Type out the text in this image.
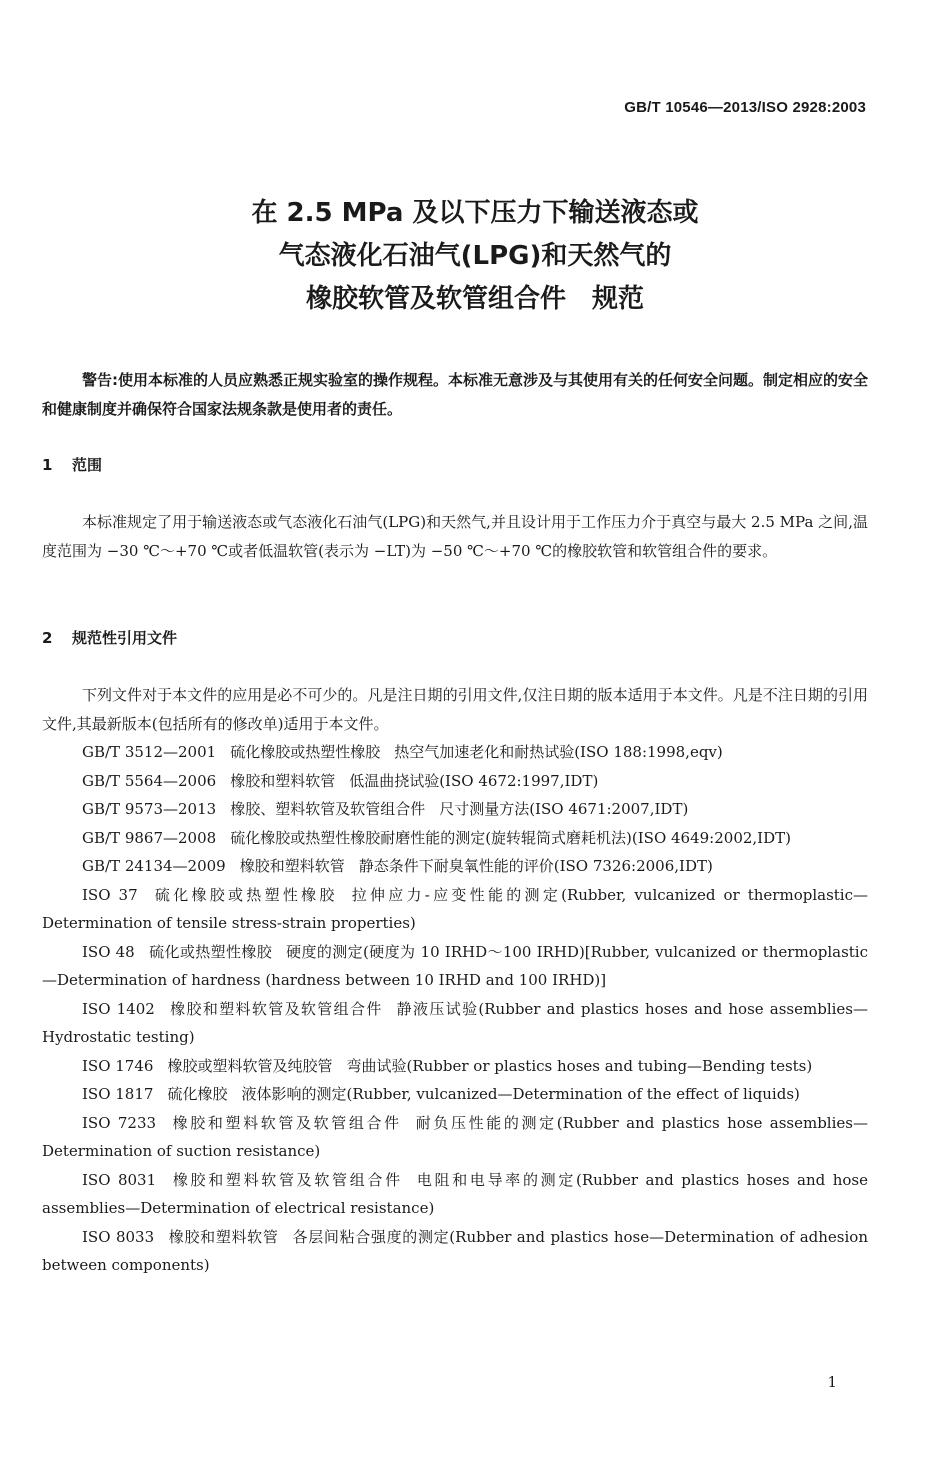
GB/T 10546—2013/ISO 2928:2003
在 2.5 MPa 及以下压力下输送液态或
气态液化石油气(LPG)和天然气的
橡胶软管及软管组合件　规范
警告:使用本标准的人员应熟悉正规实验室的操作规程。本标准无意涉及与其使用有关的任何安全问题。制定相应的安全和健康制度并确保符合国家法规条款是使用者的责任。
1 范围
本标准规定了用于输送液态或气态液化石油气(LPG)和天然气,并且设计用于工作压力介于真空与最大 2.5 MPa 之间,温度范围为 −30 ℃～+70 ℃或者低温软管(表示为 −LT)为 −50 ℃～+70 ℃的橡胶软管和软管组合件的要求。
2 规范性引用文件
下列文件对于本文件的应用是必不可少的。凡是注日期的引用文件,仅注日期的版本适用于本文件。凡是不注日期的引用文件,其最新版本(包括所有的修改单)适用于本文件。
GB/T 3512—2001 硫化橡胶或热塑性橡胶 热空气加速老化和耐热试验(ISO 188:1998,eqv)
GB/T 5564—2006 橡胶和塑料软管 低温曲挠试验(ISO 4672:1997,IDT)
GB/T 9573—2013 橡胶、塑料软管及软管组合件 尺寸测量方法(ISO 4671:2007,IDT)
GB/T 9867—2008 硫化橡胶或热塑性橡胶耐磨性能的测定(旋转辊筒式磨耗机法)(ISO 4649:2002,IDT)
GB/T 24134—2009 橡胶和塑料软管 静态条件下耐臭氧性能的评价(ISO 7326:2006,IDT)
ISO 37 硫化橡胶或热塑性橡胶 拉伸应力-应变性能的测定(Rubber, vulcanized or thermoplastic—Determination of tensile stress-strain properties)
ISO 48 硫化或热塑性橡胶 硬度的测定(硬度为 10 IRHD～100 IRHD)[Rubber, vulcanized or thermoplastic—Determination of hardness (hardness between 10 IRHD and 100 IRHD)]
ISO 1402 橡胶和塑料软管及软管组合件 静液压试验(Rubber and plastics hoses and hose assemblies—Hydrostatic testing)
ISO 1746 橡胶或塑料软管及纯胶管 弯曲试验(Rubber or plastics hoses and tubing—Bending tests)
ISO 1817 硫化橡胶 液体影响的测定(Rubber, vulcanized—Determination of the effect of liquids)
ISO 7233 橡胶和塑料软管及软管组合件 耐负压性能的测定(Rubber and plastics hose assemblies—Determination of suction resistance)
ISO 8031 橡胶和塑料软管及软管组合件 电阻和电导率的测定(Rubber and plastics hoses and hose assemblies—Determination of electrical resistance)
ISO 8033 橡胶和塑料软管 各层间粘合强度的测定(Rubber and plastics hose—Determination of adhesion between components)
1
